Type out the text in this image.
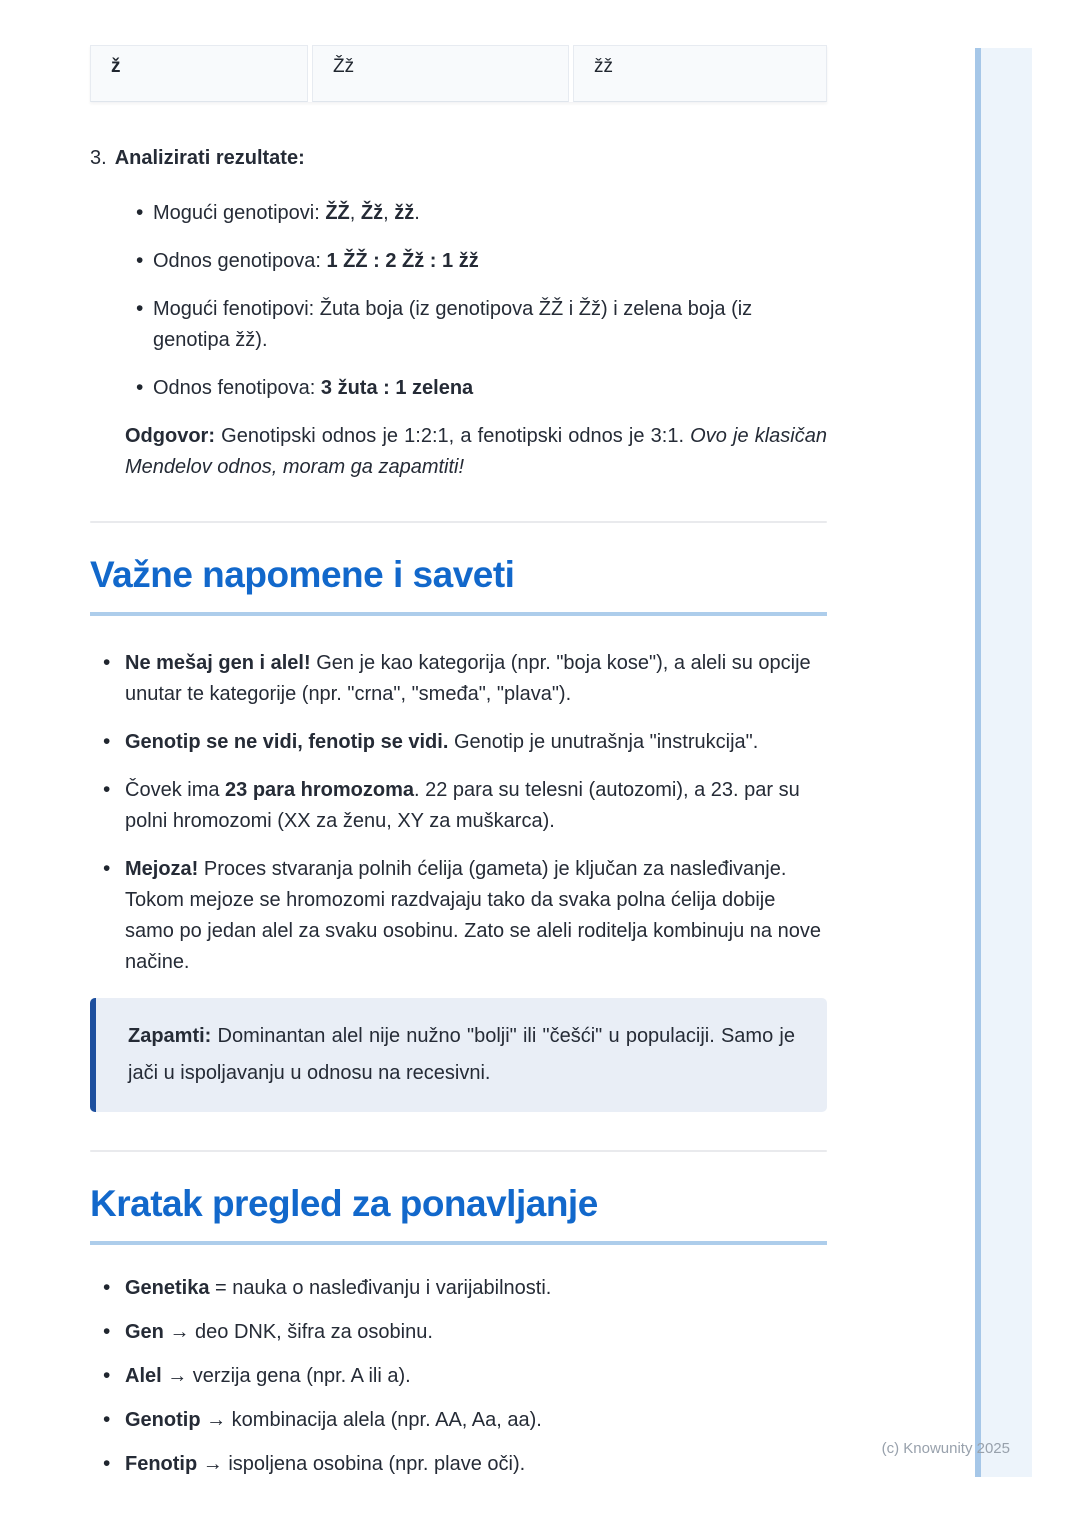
ž	Žž	žž
3. Analizirati rezultate:
• Mogući genotipovi: ŽŽ, Žž, žž.
• Odnos genotipova: 1 ŽŽ : 2 Žž : 1 žž
• Mogući fenotipovi: Žuta boja (iz genotipova ŽŽ i Žž) i zelena boja (iz genotipa žž).
• Odnos fenotipova: 3 žuta : 1 zelena

Odgovor: Genotipski odnos je 1:2:1, a fenotipski odnos je 3:1. Ovo je klasičan Mendelov odnos, moram ga zapamtiti!

Važne napomene i saveti
• Ne mešaj gen i alel! Gen je kao kategorija (npr. "boja kose"), a aleli su opcije unutar te kategorije (npr. "crna", "smeđa", "plava").
• Genotip se ne vidi, fenotip se vidi. Genotip je unutrašnja "instrukcija".
• Čovek ima 23 para hromozoma. 22 para su telesni (autozomi), a 23. par su polni hromozomi (XX za ženu, XY za muškarca).
• Mejoza! Proces stvaranja polnih ćelija (gameta) je ključan za nasleđivanje. Tokom mejoze se hromozomi razdvajaju tako da svaka polna ćelija dobije samo po jedan alel za svaku osobinu. Zato se aleli roditelja kombinuju na nove načine.
Zapamti: Dominantan alel nije nužno "bolji" ili "češći" u populaciji. Samo je jači u ispoljavanju u odnosu na recesivni.
Kratak pregled za ponavljanje
• Genetika = nauka o nasleđivanju i varijabilnosti.
• Gen → deo DNK, šifra za osobinu.
• Alel → verzija gena (npr. A ili a).
• Genotip → kombinacija alela (npr. AA, Aa, aa).
• Fenotip → ispoljena osobina (npr. plave oči).
(c) Knowunity 2025
